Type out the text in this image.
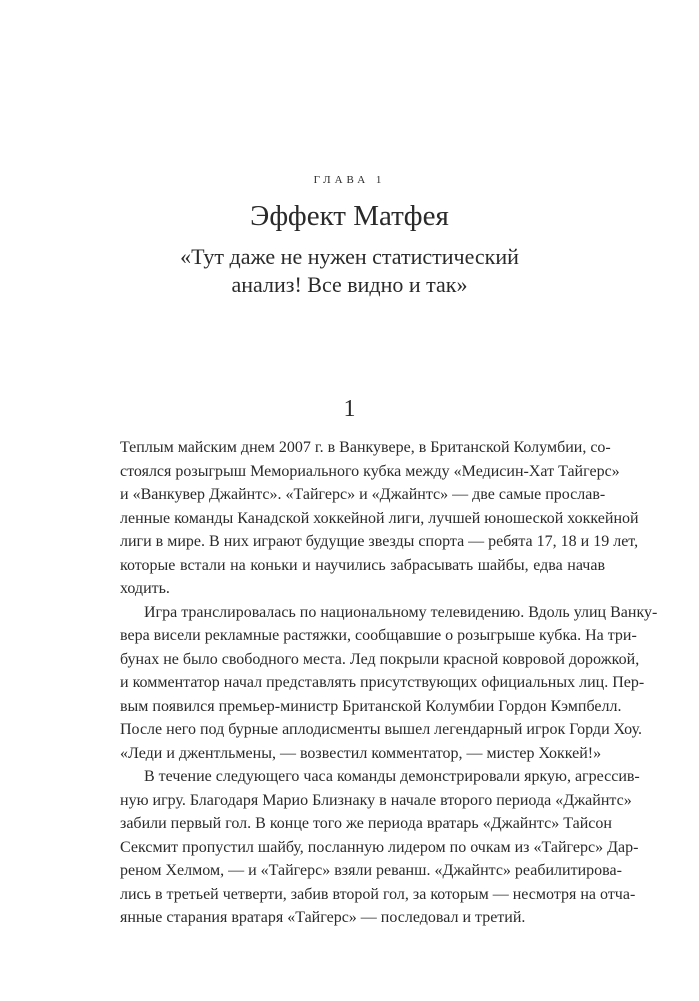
ГЛАВА 1
Эффект Матфея
«Тут даже не нужен статистический
анализ! Все видно и так»
1
Теплым майским днем 2007 г. в Ванкувере, в Британской Колумбии, со-
стоялся розыгрыш Мемориального кубка между «Медисин-Хат Тайгерс»
и «Ванкувер Джайнтс». «Тайгерс» и «Джайнтс» — две самые прослав-
ленные команды Канадской хоккейной лиги, лучшей юношеской хоккейной
лиги в мире. В них играют будущие звезды спорта — ребята 17, 18 и 19 лет,
которые встали на коньки и научились забрасывать шайбы, едва начав
ходить.
Игра транслировалась по национальному телевидению. Вдоль улиц Ванку-
вера висели рекламные растяжки, сообщавшие о розыгрыше кубка. На три-
бунах не было свободного места. Лед покрыли красной ковровой дорожкой,
и комментатор начал представлять присутствующих официальных лиц. Пер-
вым появился премьер-министр Британской Колумбии Гордон Кэмпбелл.
После него под бурные аплодисменты вышел легендарный игрок Горди Хоу.
«Леди и джентльмены, — возвестил комментатор, — мистер Хоккей!»
В течение следующего часа команды демонстрировали яркую, агрессив-
ную игру. Благодаря Марио Близнаку в начале второго периода «Джайнтс»
забили первый гол. В конце того же периода вратарь «Джайнтс» Тайсон
Сексмит пропустил шайбу, посланную лидером по очкам из «Тайгерс» Дар-
реном Хелмом, — и «Тайгерс» взяли реванш. «Джайнтс» реабилитирова-
лись в третьей четверти, забив второй гол, за которым — несмотря на отча-
янные старания вратаря «Тайгерс» — последовал и третий.
